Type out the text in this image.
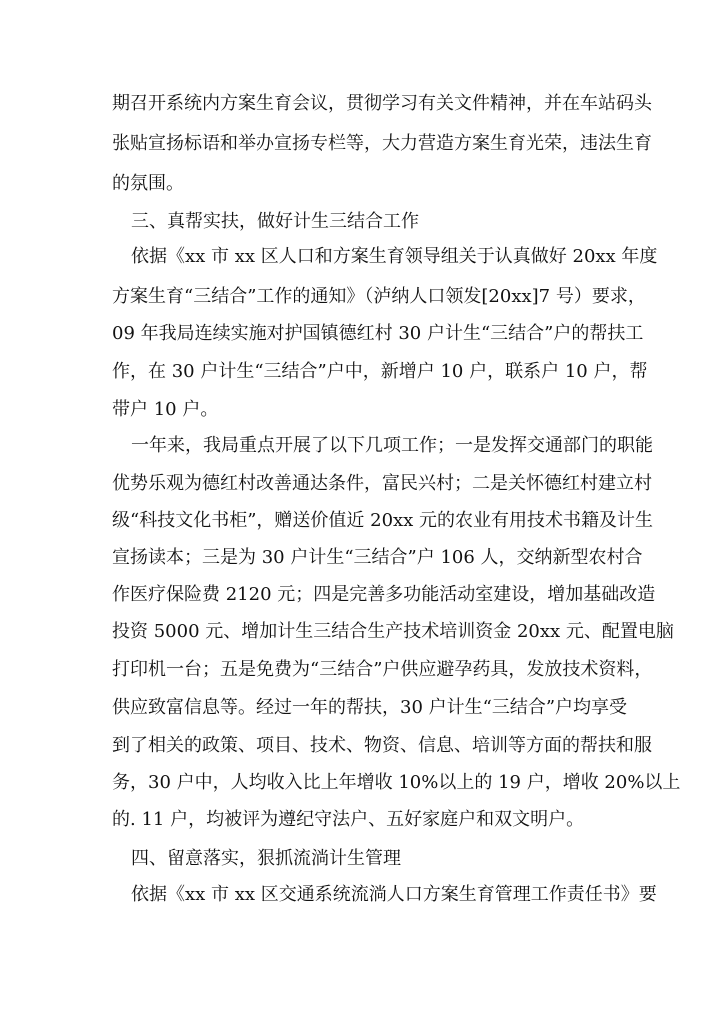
期召开系统内方案生育会议，贯彻学习有关文件精神，并在车站码头
张贴宣扬标语和举办宣扬专栏等，大力营造方案生育光荣，违法生育
的氛围。
三、真帮实扶，做好计生三结合工作
依据《xx 市 xx 区人口和方案生育领导组关于认真做好 20xx 年度
方案生育“三结合”工作的通知》（泸纳人口领发[20xx]7 号）要求，
09 年我局连续实施对护国镇德红村 30 户计生“三结合”户的帮扶工
作，在 30 户计生“三结合”户中，新增户 10 户，联系户 10 户，帮
带户 10 户。
一年来，我局重点开展了以下几项工作；一是发挥交通部门的职能
优势乐观为德红村改善通达条件，富民兴村；二是关怀德红村建立村
级“科技文化书柜”，赠送价值近 20xx 元的农业有用技术书籍及计生
宣扬读本；三是为 30 户计生“三结合”户 106 人，交纳新型农村合
作医疗保险费 2120 元；四是完善多功能活动室建设，增加基础改造
投资 5000 元、增加计生三结合生产技术培训资金 20xx 元、配置电脑
打印机一台；五是免费为“三结合”户供应避孕药具，发放技术资料，
供应致富信息等。经过一年的帮扶，30 户计生“三结合”户均享受
到了相关的政策、项目、技术、物资、信息、培训等方面的帮扶和服
务，30 户中，人均收入比上年增收 10%以上的 19 户，增收 20%以上
的. 11 户，均被评为遵纪守法户、五好家庭户和双文明户。
四、留意落实，狠抓流淌计生管理
依据《xx 市 xx 区交通系统流淌人口方案生育管理工作责任书》要
